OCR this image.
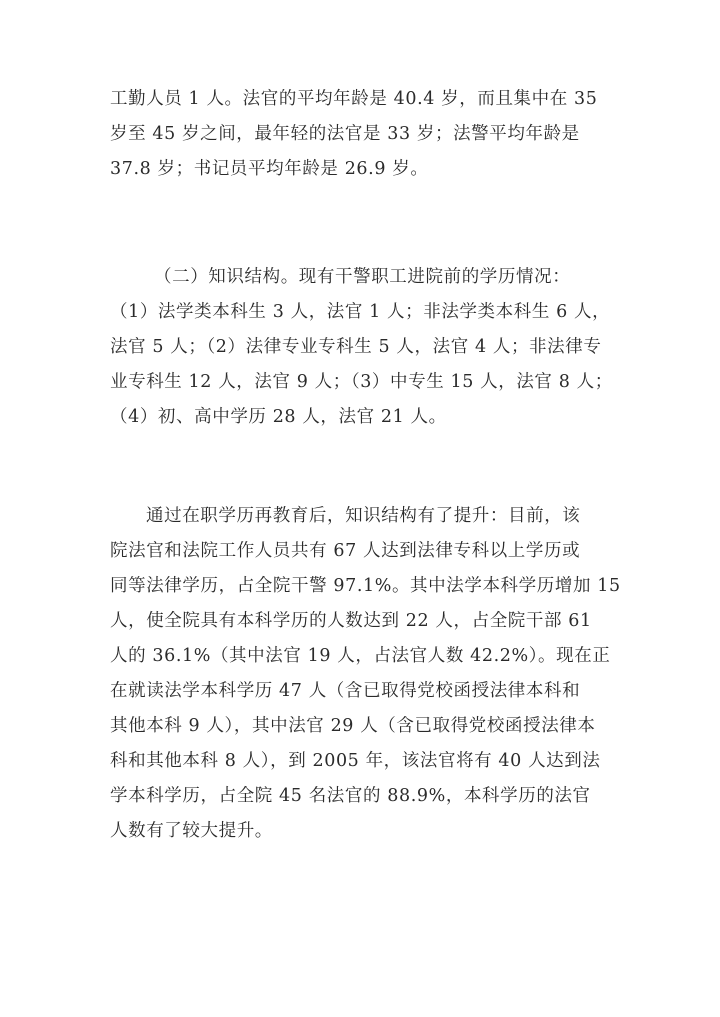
工勤人员 1 人。法官的平均年龄是 40.4 岁，而且集中在 35
岁至 45 岁之间，最年轻的法官是 33 岁；法警平均年龄是
37.8 岁；书记员平均年龄是 26.9 岁。

（二）知识结构。现有干警职工进院前的学历情况：
（1）法学类本科生 3 人，法官 1 人；非法学类本科生 6 人，
法官 5 人；（2）法律专业专科生 5 人，法官 4 人；非法律专
业专科生 12 人，法官 9 人；（3）中专生 15 人，法官 8 人；
（4）初、高中学历 28 人，法官 21 人。

通过在职学历再教育后，知识结构有了提升：目前，该
院法官和法院工作人员共有 67 人达到法律专科以上学历或
同等法律学历，占全院干警 97.1%。其中法学本科学历增加 15
人，使全院具有本科学历的人数达到 22 人，占全院干部 61
人的 36.1%（其中法官 19 人，占法官人数 42.2%）。现在正
在就读法学本科学历 47 人（含已取得党校函授法律本科和
其他本科 9 人），其中法官 29 人（含已取得党校函授法律本
科和其他本科 8 人），到 2005 年，该法官将有 40 人达到法
学本科学历，占全院 45 名法官的 88.9%，本科学历的法官
人数有了较大提升。
